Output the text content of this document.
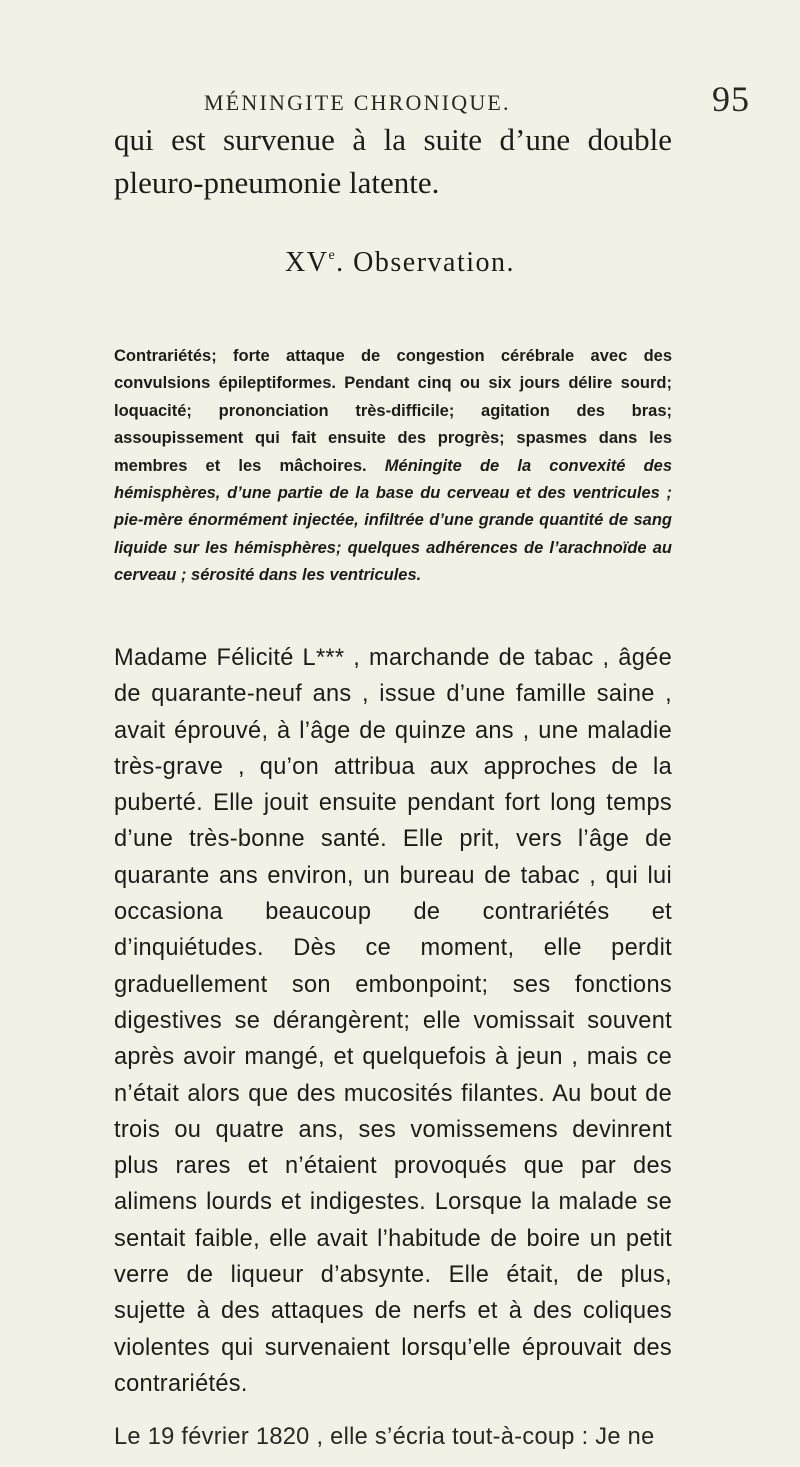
MÉNINGITE CHRONIQUE.	95
qui est survenue à la suite d’une double pleuro-pneumonie latente.
XVe. Observation.
Contrariétés; forte attaque de congestion cérébrale avec des convulsions épileptiformes. Pendant cinq ou six jours délire sourd; loquacité; prononciation très-difficile; agitation des bras; assoupissement qui fait ensuite des progrès; spasmes dans les membres et les mâchoires. Méningite de la convexité des hémisphères, d’une partie de la base du cerveau et des ventricules ; pie-mère énormément injectée, infiltrée d’une grande quantité de sang liquide sur les hémisphères; quelques adhérences de l’arachnoïde au cerveau ; sérosité dans les ventricules.

Madame Félicité L*** , marchande de tabac , âgée de quarante-neuf ans , issue d’une famille saine , avait éprouvé, à l’âge de quinze ans , une maladie très-grave , qu’on attribua aux approches de la puberté. Elle jouit ensuite pendant fort long temps d’une très-bonne santé. Elle prit, vers l’âge de quarante ans environ, un bureau de tabac , qui lui occasiona beaucoup de contrariétés et d’inquiétudes. Dès ce moment, elle perdit graduellement son embonpoint; ses fonctions digestives se dérangèrent; elle vomissait souvent après avoir mangé, et quelquefois à jeun , mais ce n’était alors que des mucosités filantes. Au bout de trois ou quatre ans, ses vomissemens devinrent plus rares et n’étaient provoqués que par des alimens lourds et indigestes. Lorsque la malade se sentait faible, elle avait l’habitude de boire un petit verre de liqueur d’absynte. Elle était, de plus, sujette à des attaques de nerfs et à des coliques violentes qui survenaient lorsqu’elle éprouvait des contrariétés.

Le 19 février 1820 , elle s’écria tout-à-coup : Je ne
